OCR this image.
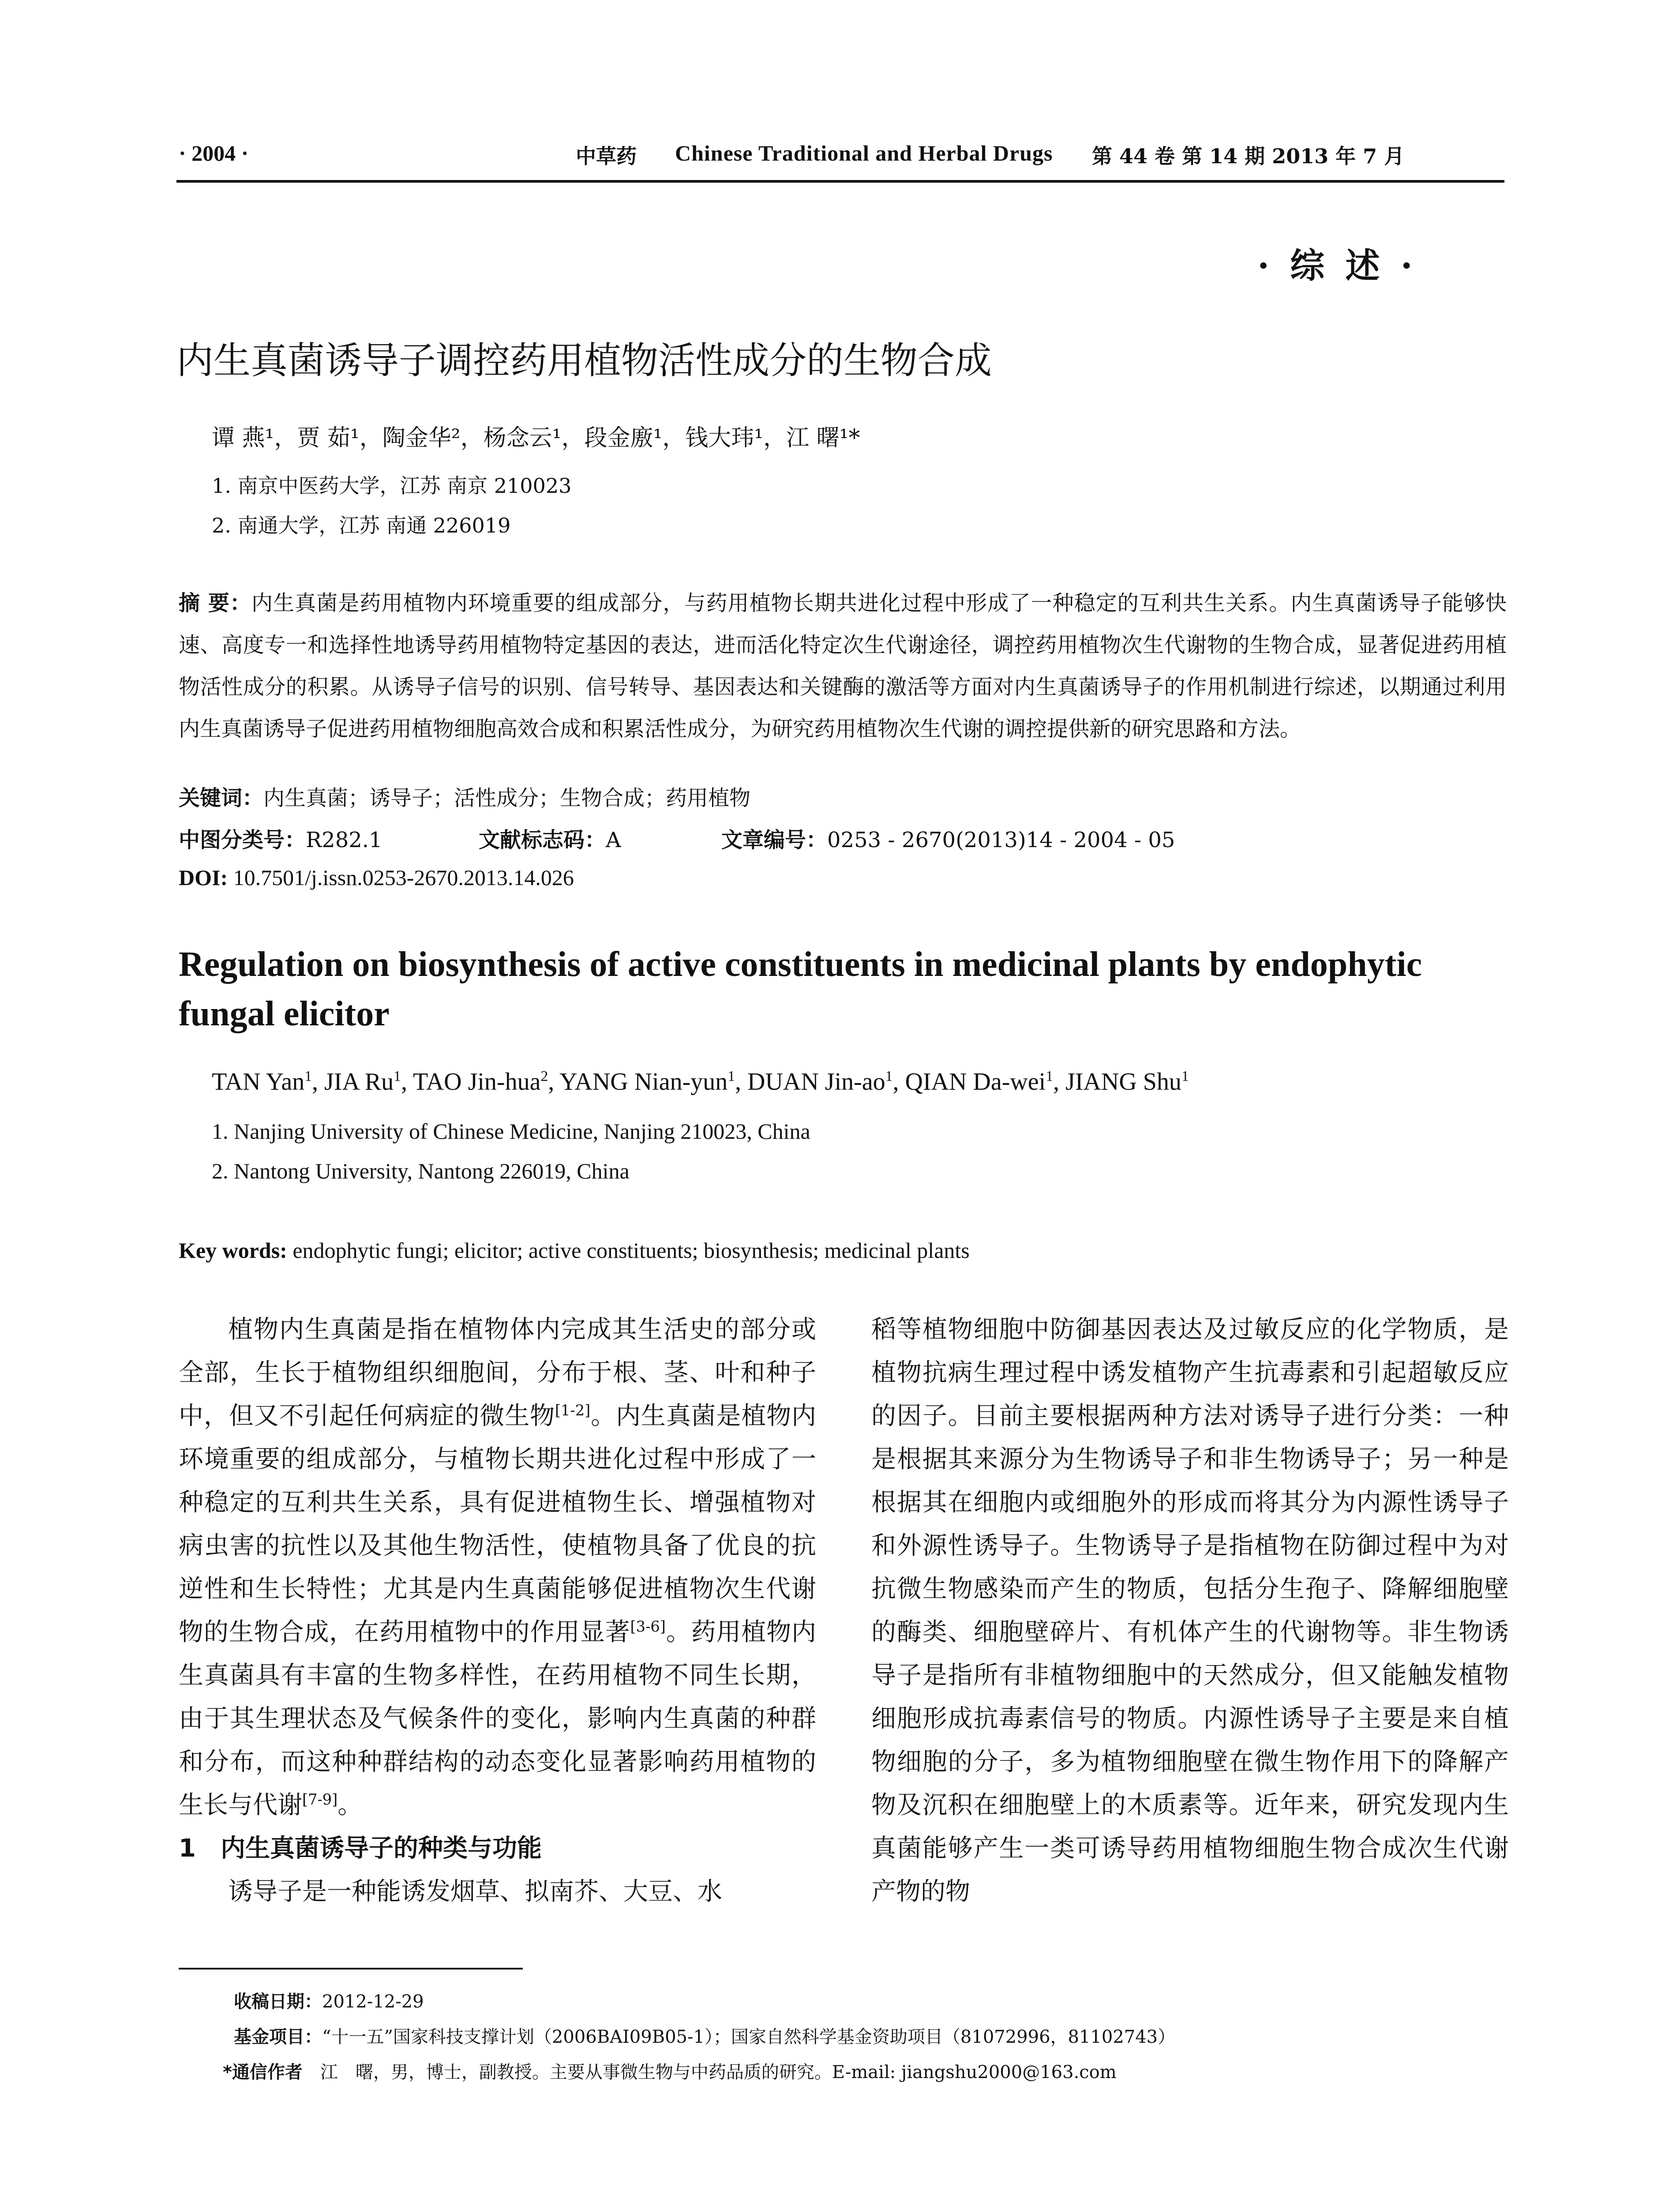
· 2004 ·	中草药 Chinese Traditional and Herbal Drugs 第 44 卷 第 14 期 2013 年 7 月
· 综 述 ·
内生真菌诱导子调控药用植物活性成分的生物合成
谭 燕¹，贾 茹¹，陶金华²，杨念云¹，段金廒¹，钱大玮¹，江 曙¹*
1. 南京中医药大学，江苏 南京 210023
2. 南通大学，江苏 南通 226019
摘 要：内生真菌是药用植物内环境重要的组成部分，与药用植物长期共进化过程中形成了一种稳定的互利共生关系。内生真菌诱导子能够快速、高度专一和选择性地诱导药用植物特定基因的表达，进而活化特定次生代谢途径，调控药用植物次生代谢物的生物合成，显著促进药用植物活性成分的积累。从诱导子信号的识别、信号转导、基因表达和关键酶的激活等方面对内生真菌诱导子的作用机制进行综述，以期通过利用内生真菌诱导子促进药用植物细胞高效合成和积累活性成分，为研究药用植物次生代谢的调控提供新的研究思路和方法。
关键词：内生真菌；诱导子；活性成分；生物合成；药用植物
中图分类号：R282.1	文献标志码：A	文章编号：0253 - 2670(2013)14 - 2004 - 05
DOI: 10.7501/j.issn.0253-2670.2013.14.026
Regulation on biosynthesis of active constituents in medicinal plants by endophytic fungal elicitor
TAN Yan$^1$, JIA Ru$^1$, TAO Jin-hua$^2$, YANG Nian-yun$^1$, DUAN Jin-$ao^1$, QIAN Da-wei$^1$, JIANG Shu$^1$
1. Nanjing University of Chinese Medicine, Nanjing 210023, China
2. Nantong University, Nantong 226019, China
Key words: endophytic fungi; elicitor; active constituents; biosynthesis; medicinal plants

植物内生真菌是指在植物体内完成其生活史的部分或全部，生长于植物组织细胞间，分布于根、茎、叶和种子中，但又不引起任何病症的微生物[1-2]。内生真菌是植物内环境重要的组成部分，与植物长期共进化过程中形成了一种稳定的互利共生关系，具有促进植物生长、增强植物对病虫害的抗性以及其他生物活性，使植物具备了优良的抗逆性和生长特性；尤其是内生真菌能够促进植物次生代谢物的生物合成，在药用植物中的作用显著[3-6]。药用植物内生真菌具有丰富的生物多样性，在药用植物不同生长期，由于其生理状态及气候条件的变化，影响内生真菌的种群和分布，而这种种群结构的动态变化显著影响药用植物的生长与代谢[7-9]。

1　内生真菌诱导子的种类与功能

诱导子是一种能诱发烟草、拟南芥、大豆、水

稻等植物细胞中防御基因表达及过敏反应的化学物质，是植物抗病生理过程中诱发植物产生抗毒素和引起超敏反应的因子。目前主要根据两种方法对诱导子进行分类：一种是根据其来源分为生物诱导子和非生物诱导子；另一种是根据其在细胞内或细胞外的形成而将其分为内源性诱导子和外源性诱导子。生物诱导子是指植物在防御过程中为对抗微生物感染而产生的物质，包括分生孢子、降解细胞壁的酶类、细胞壁碎片、有机体产生的代谢物等。非生物诱导子是指所有非植物细胞中的天然成分，但又能触发植物细胞形成抗毒素信号的物质。内源性诱导子主要是来自植物细胞的分子，多为植物细胞壁在微生物作用下的降解产物及沉积在细胞壁上的木质素等。近年来，研究发现内生真菌能够产生一类可诱导药用植物细胞生物合成次生代谢产物的物

收稿日期：2012-12-29
基金项目：“十一五”国家科技支撑计划（2006BAI09B05-1）；国家自然科学基金资助项目（81072996，81102743）
*通信作者　 江　曙，男，博士，副教授。主要从事微生物与中药品质的研究。E-mail: jiangshu2000@163.com
